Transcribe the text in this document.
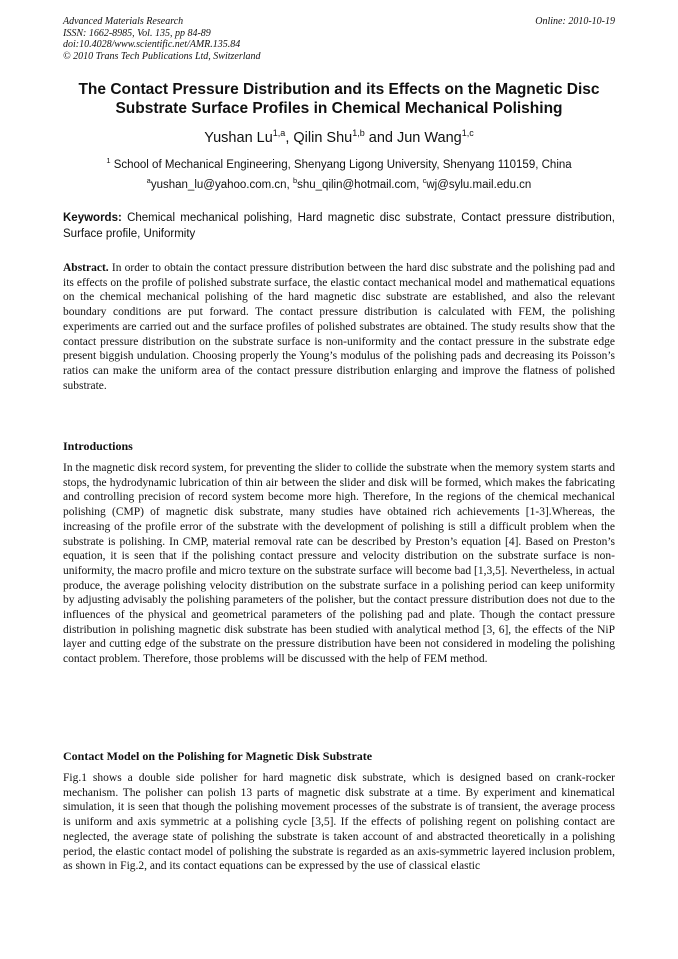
Advanced Materials Research
ISSN: 1662-8985, Vol. 135, pp 84-89
doi:10.4028/www.scientific.net/AMR.135.84
© 2010 Trans Tech Publications Ltd, Switzerland
Online: 2010-10-19
The Contact Pressure Distribution and its Effects on the Magnetic Disc Substrate Surface Profiles in Chemical Mechanical Polishing
Yushan Lu$^{1,a}$, Qilin Shu$^{1,b}$ and Jun Wang$^{1,c}$
$^1$ School of Mechanical Engineering, Shenyang Ligong University, Shenyang 110159, China
$^a$yushan_lu@yahoo.com.cn, $^b$shu_qilin@hotmail.com, $^c$wj@sylu.mail.edu.cn
Keywords: Chemical mechanical polishing, Hard magnetic disc substrate, Contact pressure distribution, Surface profile, Uniformity
Abstract. In order to obtain the contact pressure distribution between the hard disc substrate and the polishing pad and its effects on the profile of polished substrate surface, the elastic contact mechanical model and mathematical equations on the chemical mechanical polishing of the hard magnetic disc substrate are established, and also the relevant boundary conditions are put forward. The contact pressure distribution is calculated with FEM, the polishing experiments are carried out and the surface profiles of polished substrates are obtained. The study results show that the contact pressure distribution on the substrate surface is non-uniformity and the contact pressure in the substrate edge present biggish undulation. Choosing properly the Young’s modulus of the polishing pads and decreasing its Poisson’s ratios can make the uniform area of the contact pressure distribution enlarging and improve the flatness of polished substrate.
Introductions
In the magnetic disk record system, for preventing the slider to collide the substrate when the memory system starts and stops, the hydrodynamic lubrication of thin air between the slider and disk will be formed, which makes the fabricating and controlling precision of record system become more high. Therefore, In the regions of the chemical mechanical polishing (CMP) of magnetic disk substrate, many studies have obtained rich achievements [1-3].Whereas, the increasing of the profile error of the substrate with the development of polishing is still a difficult problem when the substrate is polishing. In CMP, material removal rate can be described by Preston’s equation [4]. Based on Preston’s equation, it is seen that if the polishing contact pressure and velocity distribution on the substrate surface is non-uniformity, the macro profile and micro texture on the substrate surface will become bad [1,3,5]. Nevertheless, in actual produce, the average polishing velocity distribution on the substrate surface in a polishing period can keep uniformity by adjusting advisably the polishing parameters of the polisher, but the contact pressure distribution does not due to the influences of the physical and geometrical parameters of the polishing pad and plate. Though the contact pressure distribution in polishing magnetic disk substrate has been studied with analytical method [3, 6], the effects of the NiP layer and cutting edge of the substrate on the pressure distribution have been not considered in modeling the polishing contact problem. Therefore, those problems will be discussed with the help of FEM method.
Contact Model on the Polishing for Magnetic Disk Substrate
Fig.1 shows a double side polisher for hard magnetic disk substrate, which is designed based on crank-rocker mechanism. The polisher can polish 13 parts of magnetic disk substrate at a time. By experiment and kinematical simulation, it is seen that though the polishing movement processes of the substrate is of transient, the average process is uniform and axis symmetric at a polishing cycle [3,5]. If the effects of polishing regent on polishing contact are neglected, the average state of polishing the substrate is taken account of and abstracted theoretically in a polishing period, the elastic contact model of polishing the substrate is regarded as an axis-symmetric layered inclusion problem, as shown in Fig.2, and its contact equations can be expressed by the use of classical elastic
